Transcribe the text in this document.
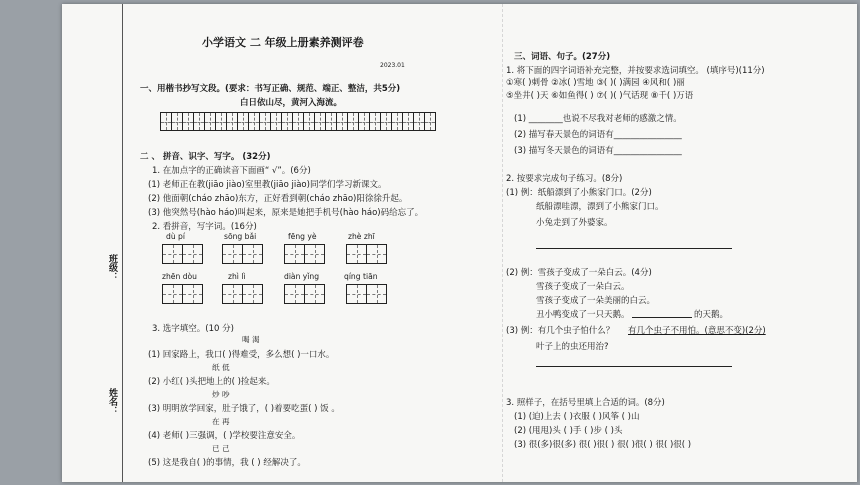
班级：
姓名：
小学语文 二 年级上册素养测评卷
2023.01
一、用楷书抄写文段。(要求：书写正确、规范、端正、整洁，共5分)
白日依山尽，黄河入海流。
二 、 拼音、识字、写字。 (32分)
1. 在加点字的正确读音下面画“ √”。(6分)
(1) 老师正在教(jiāo jiào)室里教(jiāo jiào)同学们学习新课文。
(2) 他面朝(cháo zhāo)东方，正好看到朝(cháo zhāo)阳徐徐升起。
(3) 他突然号(hào háo)叫起来，原来是她把手机号(hào háo)码给忘了。
2. 看拼音，写字词。(16分)
dù pí	sōng bǎi	fēng yè	zhè zhī
zhēn dòu	zhì lì	diàn yǐng	qíng tiān
3. 选字填空。(10 分)
喝 渴
(1) 回家路上，我口( )得难受，多么想( )一口水。
纸 低
(2) 小红( )头把地上的( )捡起来。
炒 吵
(3) 明明放学回家，肚子饿了，( )着要吃蛋( ) 饭 。
在 再
(4) 老师( )三强调，( )学校要注意安全。
已 己
(5) 这是我自( )的事情，我 ( ) 经解决了。
三、词语、句子。(27分)
1. 将下面的四字词语补充完整，并按要求选词填空。 (填序号)(11分)
①寒( )刺骨 ②冰( )雪地 ③( )( )满园 ④风和( )丽
⑤坐井( )天 ⑥如鱼得( ) ⑦( )( )气话现 ⑧千( )万语
(1) ________也说不尽我对老师的感激之情。
(2) 描写春天景色的词语有________________
(3) 描写冬天景色的词语有________________
2. 按要求完成句子练习。(8分)
(1) 例：纸船漂到了小熊家门口。(2分)
纸船漂哇漂，漂到了小熊家门口。
小兔走到了外婆家。
(2) 例：雪孩子变成了一朵白云。(4分)
雪孩子变成了一朵白云。
雪孩子变成了一朵美丽的白云。
丑小鸭变成了一只天鹅。	的天鹅。
(3) 例：有几个虫子怕什么？ 有几个虫子不用怕。(意思不变)(2分)
叶子上的虫还用治?
3. 照样子，在括号里填上合适的词。(8分)
(1) (迫)上去 ( )衣服 ( )风筝 ( )山
(2) (甩甩)头 ( )手 ( )步 ( )头
(3) 很(多)很(多) 很( )很( ) 很( )很( ) 很( )很( )
